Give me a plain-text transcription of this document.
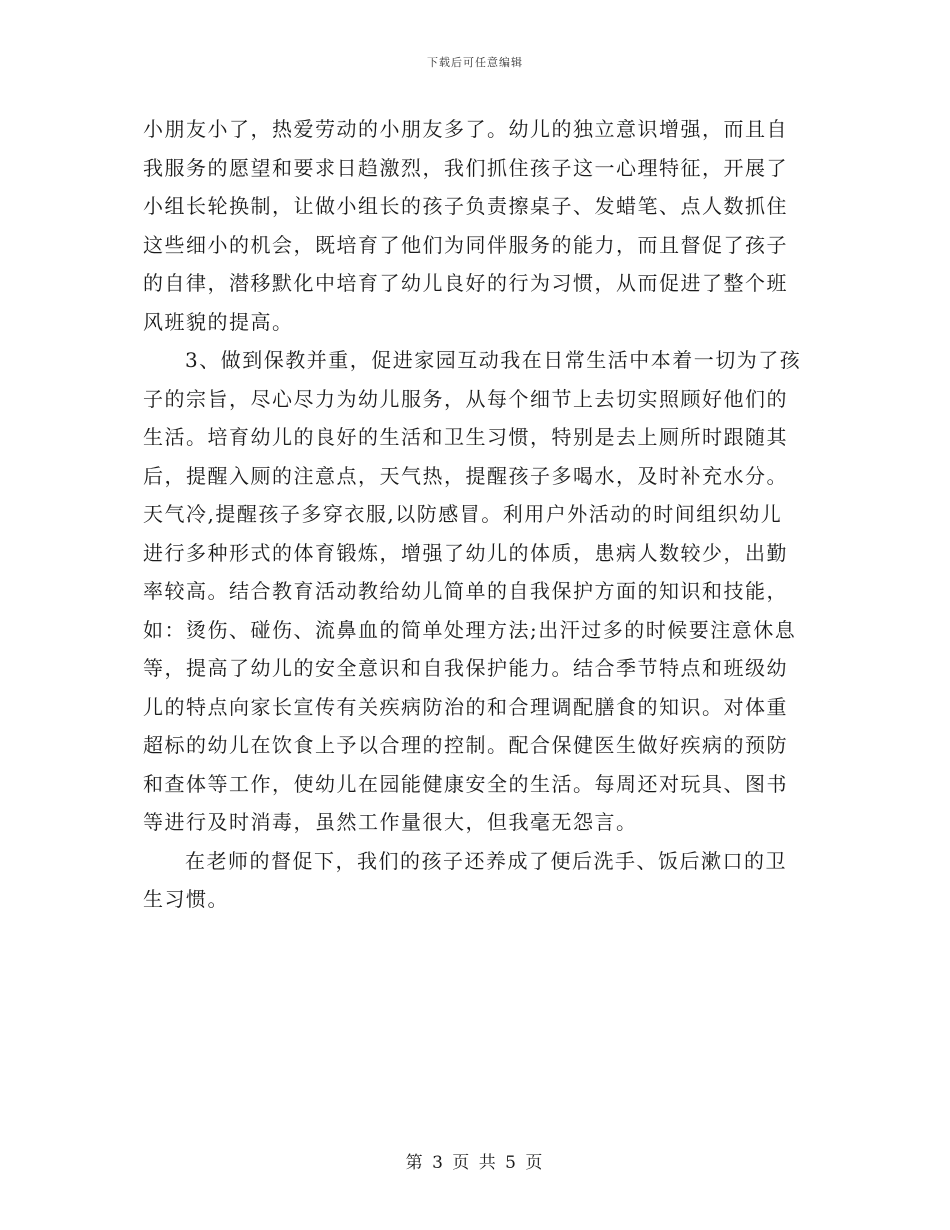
下载后可任意编辑

小朋友小了，热爱劳动的小朋友多了。幼儿的独立意识增强，而且自
我服务的愿望和要求日趋激烈，我们抓住孩子这一心理特征，开展了
小组长轮换制，让做小组长的孩子负责擦桌子、发蜡笔、点人数抓住
这些细小的机会，既培育了他们为同伴服务的能力，而且督促了孩子
的自律，潜移默化中培育了幼儿良好的行为习惯，从而促进了整个班
风班貌的提高。

3、做到保教并重，促进家园互动我在日常生活中本着一切为了孩
子的宗旨，尽心尽力为幼儿服务，从每个细节上去切实照顾好他们的
生活。培育幼儿的良好的生活和卫生习惯，特别是去上厕所时跟随其
后，提醒入厕的注意点，天气热，提醒孩子多喝水，及时补充水分。
天气冷,提醒孩子多穿衣服,以防感冒。利用户外活动的时间组织幼儿
进行多种形式的体育锻炼，增强了幼儿的体质，患病人数较少，出勤
率较高。结合教育活动教给幼儿简单的自我保护方面的知识和技能，
如：烫伤、碰伤、流鼻血的简单处理方法;出汗过多的时候要注意休息
等，提高了幼儿的安全意识和自我保护能力。结合季节特点和班级幼
儿的特点向家长宣传有关疾病防治的和合理调配膳食的知识。对体重
超标的幼儿在饮食上予以合理的控制。配合保健医生做好疾病的预防
和查体等工作，使幼儿在园能健康安全的生活。每周还对玩具、图书
等进行及时消毒，虽然工作量很大，但我毫无怨言。

在老师的督促下，我们的孩子还养成了便后洗手、饭后漱口的卫
生习惯。

第 3 页 共 5 页
